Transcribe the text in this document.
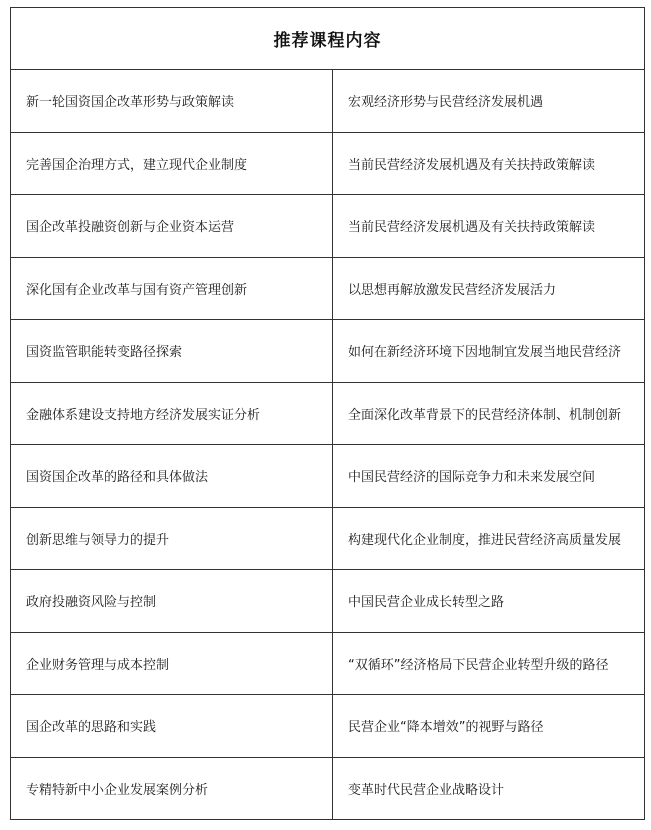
推荐课程内容	
新一轮国资国企改革形势与政策解读	宏观经济形势与民营经济发展机遇
完善国企治理方式，建立现代企业制度	当前民营经济发展机遇及有关扶持政策解读
国企改革投融资创新与企业资本运营	当前民营经济发展机遇及有关扶持政策解读
深化国有企业改革与国有资产管理创新	以思想再解放激发民营经济发展活力
国资监管职能转变路径探索	如何在新经济环境下因地制宜发展当地民营经济
金融体系建设支持地方经济发展实证分析	全面深化改革背景下的民营经济体制、机制创新
国资国企改革的路径和具体做法	中国民营经济的国际竞争力和未来发展空间
创新思维与领导力的提升	构建现代化企业制度，推进民营经济高质量发展
政府投融资风险与控制	中国民营企业成长转型之路
企业财务管理与成本控制	“双循环”经济格局下民营企业转型升级的路径
国企改革的思路和实践	民营企业“降本增效”的视野与路径
专精特新中小企业发展案例分析	变革时代民营企业战略设计
